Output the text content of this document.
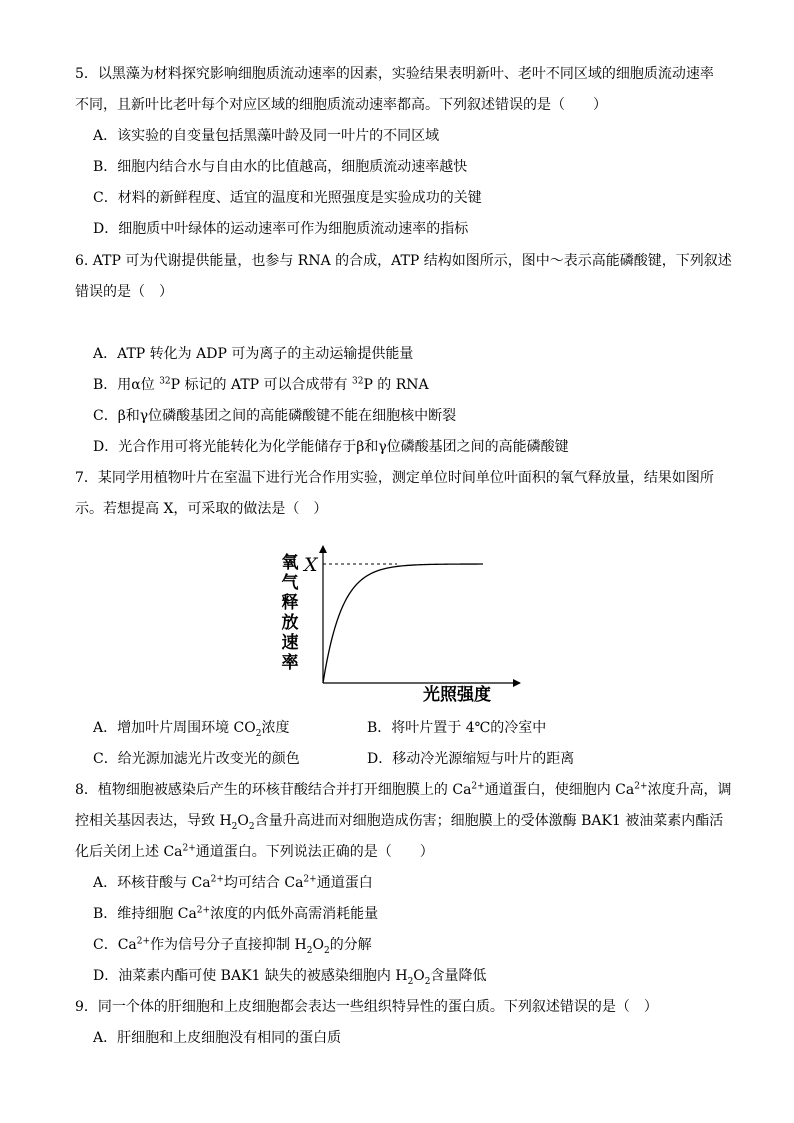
5．以黑藻为材料探究影响细胞质流动速率的因素，实验结果表明新叶、老叶不同区域的细胞质流动速率
不同，且新叶比老叶每个对应区域的细胞质流动速率都高。下列叙述错误的是（　　）
A．该实验的自变量包括黑藻叶龄及同一叶片的不同区域
B．细胞内结合水与自由水的比值越高，细胞质流动速率越快
C．材料的新鲜程度、适宜的温度和光照强度是实验成功的关键
D．细胞质中叶绿体的运动速率可作为细胞质流动速率的指标
6. ATP 可为代谢提供能量，也参与 RNA 的合成，ATP 结构如图所示，图中～表示高能磷酸键，下列叙述
错误的是（　）
A．ATP 转化为 ADP 可为离子的主动运输提供能量
B．用α位 $^{32}$P 标记的 ATP 可以合成带有 $^{32}$P 的 RNA
C．β和γ位磷酸基团之间的高能磷酸键不能在细胞核中断裂
D．光合作用可将光能转化为化学能储存于β和γ位磷酸基团之间的高能磷酸键
7．某同学用植物叶片在室温下进行光合作用实验，测定单位时间单位叶面积的氧气释放量，结果如图所
示。若想提高 X，可采取的做法是（　）
氧
气
释
放
速
率
光照强度
X
A．增加叶片周围环境 $CO_2$浓度	B．将叶片置于 4℃的冷室中
C．给光源加滤光片改变光的颜色	D．移动冷光源缩短与叶片的距离
8．植物细胞被感染后产生的环核苷酸结合并打开细胞膜上的 $Ca^{2+}$通道蛋白，使细胞内 $Ca^{2+}$浓度升高，调
控相关基因表达，导致 $H_2O_2$含量升高进而对细胞造成伤害；细胞膜上的受体激酶 BAK1 被油菜素内酯活
化后关闭上述 $Ca^{2+}$通道蛋白。下列说法正确的是（　　）
A．环核苷酸与 $Ca^{2+}$均可结合 $Ca^{2+}$通道蛋白
B．维持细胞 $Ca^{2+}$浓度的内低外高需消耗能量
C．$Ca^{2+}$作为信号分子直接抑制 $H_2O_2$的分解
D．油菜素内酯可使 BAK1 缺失的被感染细胞内 $H_2O_2$含量降低
9．同一个体的肝细胞和上皮细胞都会表达一些组织特异性的蛋白质。下列叙述错误的是（　）
A．肝细胞和上皮细胞没有相同的蛋白质
